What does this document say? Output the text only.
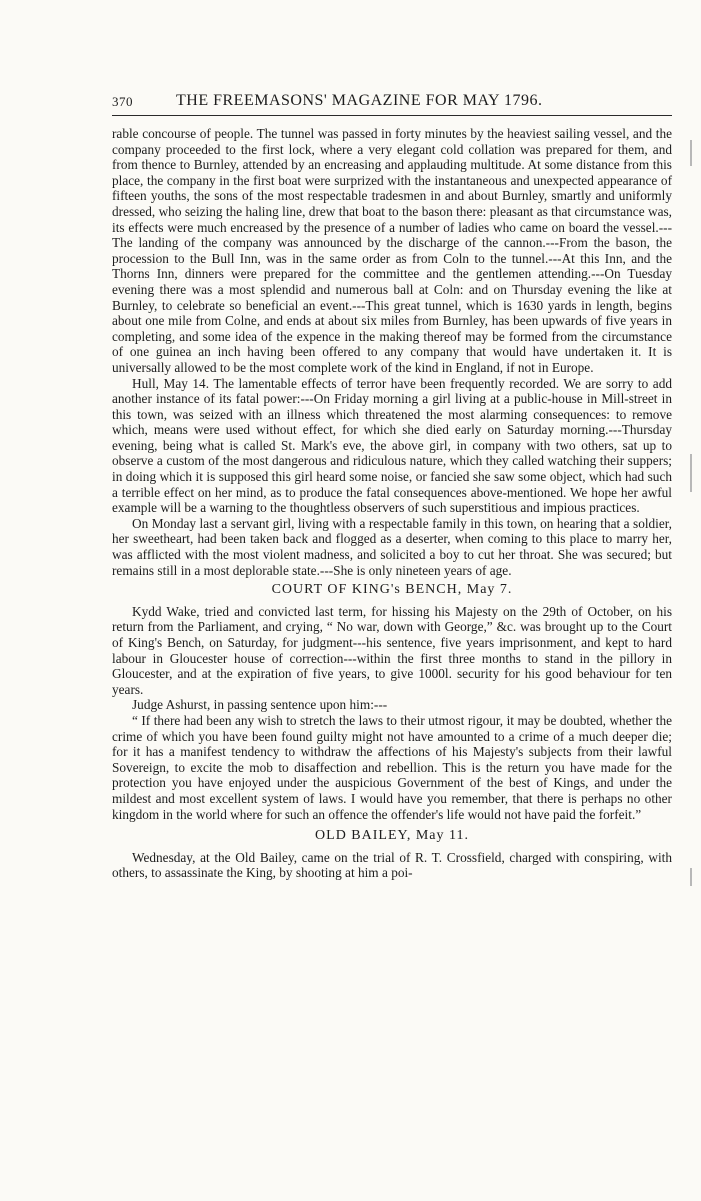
370	THE FREEMASONS' MAGAZINE FOR MAY 1796.

rable concourse of people. The tunnel was passed in forty minutes by the heaviest sailing vessel, and the company proceeded to the first lock, where a very elegant cold collation was prepared for them, and from thence to Burnley, attended by an encreasing and applauding multitude. At some distance from this place, the company in the first boat were surprized with the instantaneous and unexpected appearance of fifteen youths, the sons of the most respectable tradesmen in and about Burnley, smartly and uniformly dressed, who seizing the haling line, drew that boat to the bason there: pleasant as that circumstance was, its effects were much encreased by the presence of a number of ladies who came on board the vessel.---The landing of the company was announced by the discharge of the cannon.---From the bason, the procession to the Bull Inn, was in the same order as from Coln to the tunnel.---At this Inn, and the Thorns Inn, dinners were prepared for the committee and the gentlemen attending.---On Tuesday evening there was a most splendid and numerous ball at Coln: and on Thursday evening the like at Burnley, to celebrate so beneficial an event.---This great tunnel, which is 1630 yards in length, begins about one mile from Colne, and ends at about six miles from Burnley, has been upwards of five years in completing, and some idea of the expence in the making thereof may be formed from the circumstance of one guinea an inch having been offered to any company that would have undertaken it. It is universally allowed to be the most complete work of the kind in England, if not in Europe.

Hull, May 14. The lamentable effects of terror have been frequently recorded. We are sorry to add another instance of its fatal power:---On Friday morning a girl living at a public-house in Mill-street in this town, was seized with an illness which threatened the most alarming consequences: to remove which, means were used without effect, for which she died early on Saturday morning.---Thursday evening, being what is called St. Mark's eve, the above girl, in company with two others, sat up to observe a custom of the most dangerous and ridiculous nature, which they called watching their suppers; in doing which it is supposed this girl heard some noise, or fancied she saw some object, which had such a terrible effect on her mind, as to produce the fatal consequences above-mentioned. We hope her awful example will be a warning to the thoughtless observers of such superstitious and impious practices.

On Monday last a servant girl, living with a respectable family in this town, on hearing that a soldier, her sweetheart, had been taken back and flogged as a deserter, when coming to this place to marry her, was afflicted with the most violent madness, and solicited a boy to cut her throat. She was secured; but remains still in a most deplorable state.---She is only nineteen years of age.

COURT OF KING's BENCH, May 7.

Kydd Wake, tried and convicted last term, for hissing his Majesty on the 29th of October, on his return from the Parliament, and crying, “ No war, down with George,” &c. was brought up to the Court of King's Bench, on Saturday, for judgment---his sentence, five years imprisonment, and kept to hard labour in Gloucester house of correction---within the first three months to stand in the pillory in Gloucester, and at the expiration of five years, to give 1000l. security for his good behaviour for ten years.

Judge Ashurst, in passing sentence upon him:---

“ If there had been any wish to stretch the laws to their utmost rigour, it may be doubted, whether the crime of which you have been found guilty might not have amounted to a crime of a much deeper die; for it has a manifest tendency to withdraw the affections of his Majesty's subjects from their lawful Sovereign, to excite the mob to disaffection and rebellion. This is the return you have made for the protection you have enjoyed under the auspicious Government of the best of Kings, and under the mildest and most excellent system of laws. I would have you remember, that there is perhaps no other kingdom in the world where for such an offence the offender's life would not have paid the forfeit.”

OLD BAILEY, May 11.

Wednesday, at the Old Bailey, came on the trial of R. T. Crossfield, charged with conspiring, with others, to assassinate the King, by shooting at him a poi-
